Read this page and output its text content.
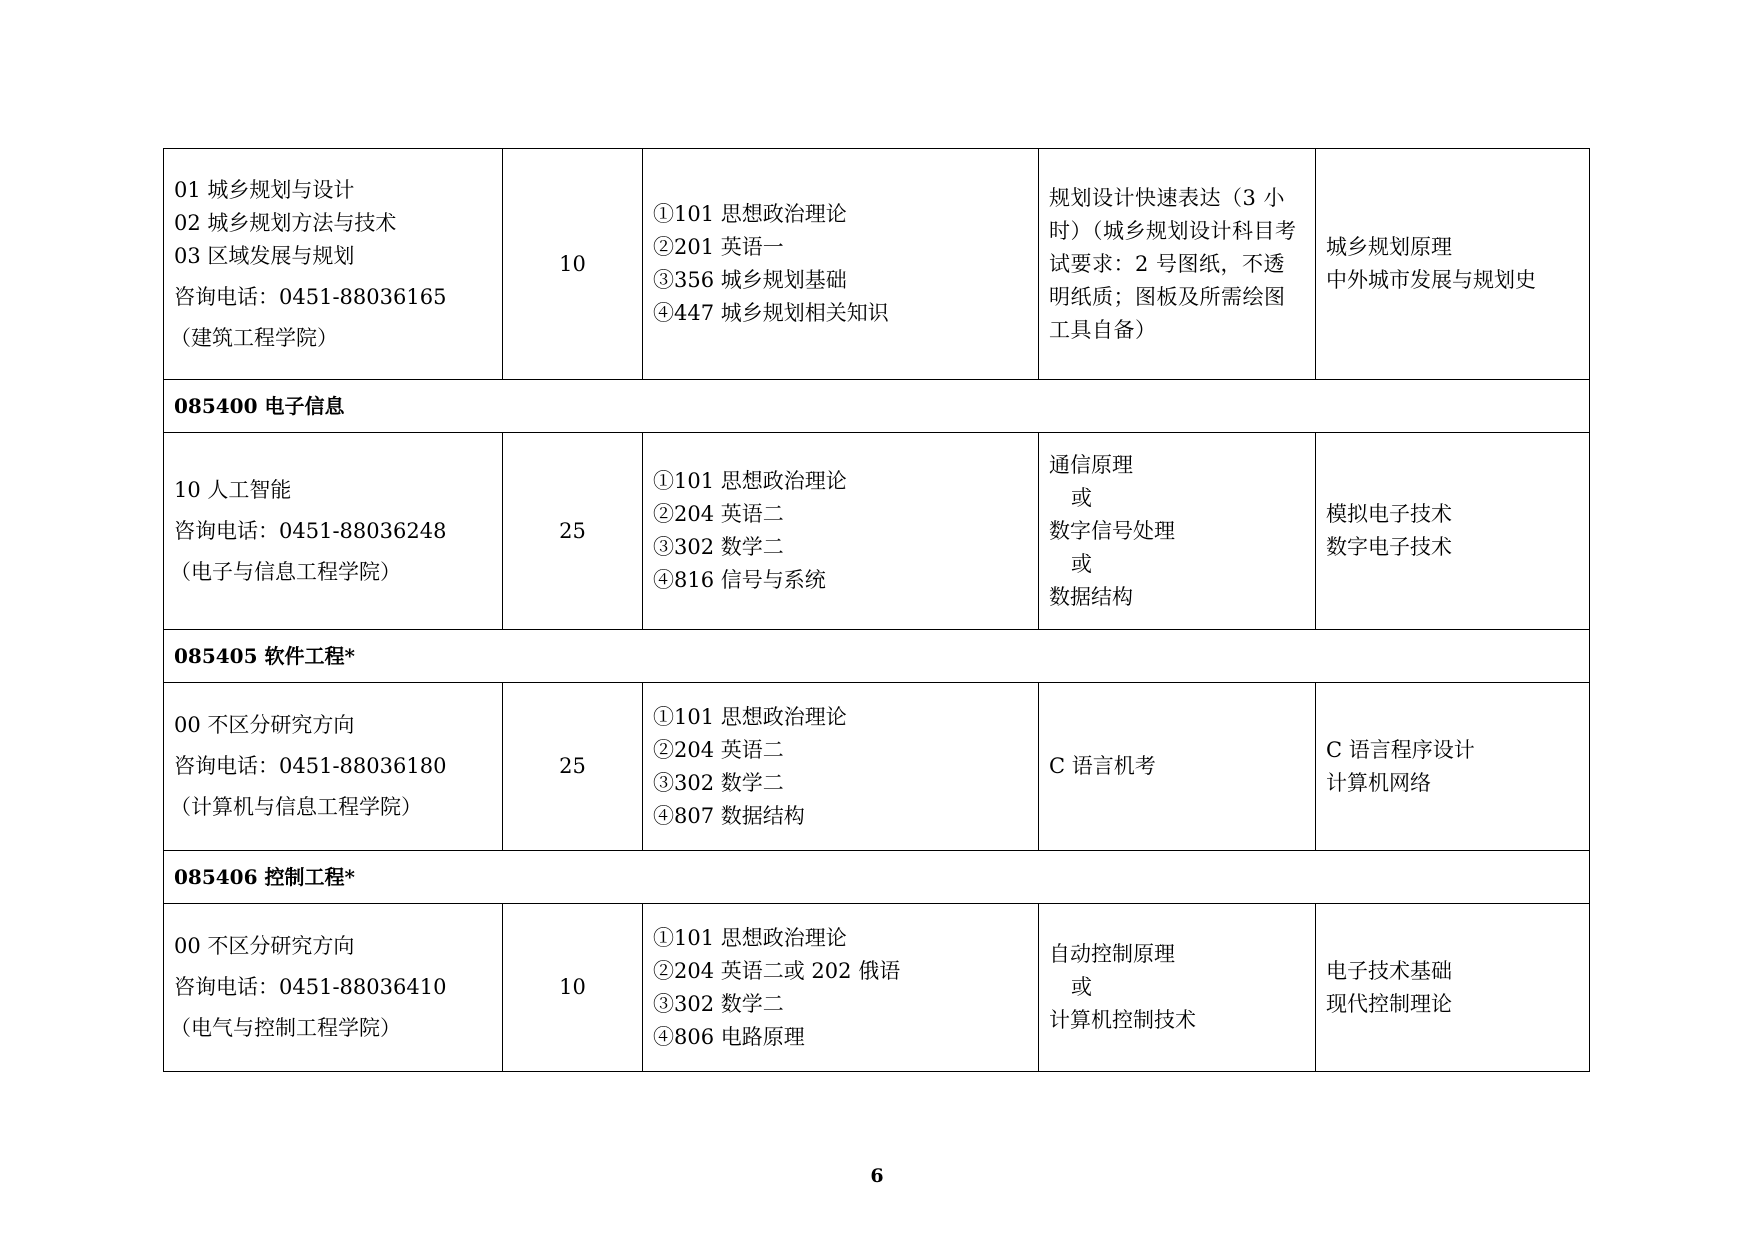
01 城乡规划与设计
02 城乡规划方法与技术
03 区域发展与规划
咨询电话：0451-88036165
（建筑工程学院）	10	①101 思想政治理论
②201 英语一
③356 城乡规划基础
④447 城乡规划相关知识	规划设计快速表达（3 小时）（城乡规划设计科目考试要求：2 号图纸，不透明纸质；图板及所需绘图工具自备）	城乡规划原理
中外城市发展与规划史

085400 电子信息				

10 人工智能
咨询电话：0451-88036248
（电子与信息工程学院）	25	①101 思想政治理论
②204 英语二
③302 数学二
④816 信号与系统	通信原理
或
数字信号处理
或
数据结构	模拟电子技术
数字电子技术

085405 软件工程*				

00 不区分研究方向
咨询电话：0451-88036180
（计算机与信息工程学院）	25	①101 思想政治理论
②204 英语二
③302 数学二
④807 数据结构	C 语言机考	C 语言程序设计
计算机网络

085406 控制工程*				

00 不区分研究方向
咨询电话：0451-88036410
（电气与控制工程学院）	10	①101 思想政治理论
②204 英语二或 202 俄语
③302 数学二
④806 电路原理	自动控制原理
或
计算机控制技术	电子技术基础
现代控制理论
6
